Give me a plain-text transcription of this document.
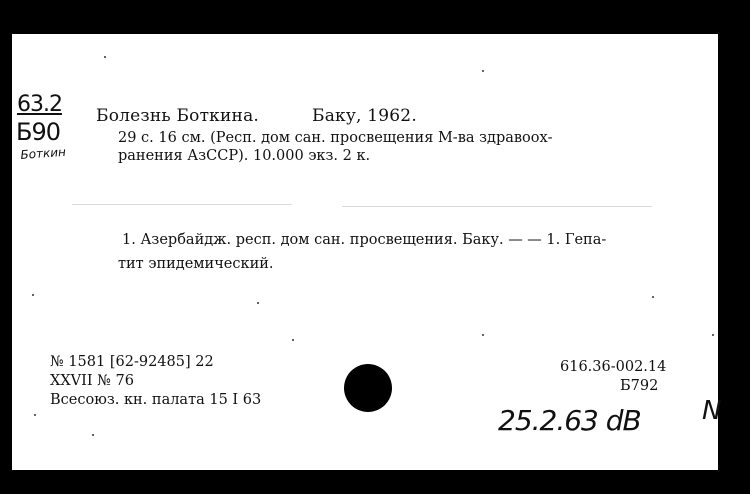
63.2
Б90
Боткин
Болезнь Боткина.	Баку, 1962.
29 с. 16 см. (Респ. дом сан. просвещения М-ва здравоох-
ранения АзССР). 10.000 экз. 2 к.
1. Азербайдж. респ. дом сан. просвещения. Баку. — — 1. Гепа-
тит эпидемический.
№ 1581 [62-92485] 22
XXVII № 76
Всесоюз. кн. палата 15 I 63
616.36-002.14
Б792
25.2.63 dB N
